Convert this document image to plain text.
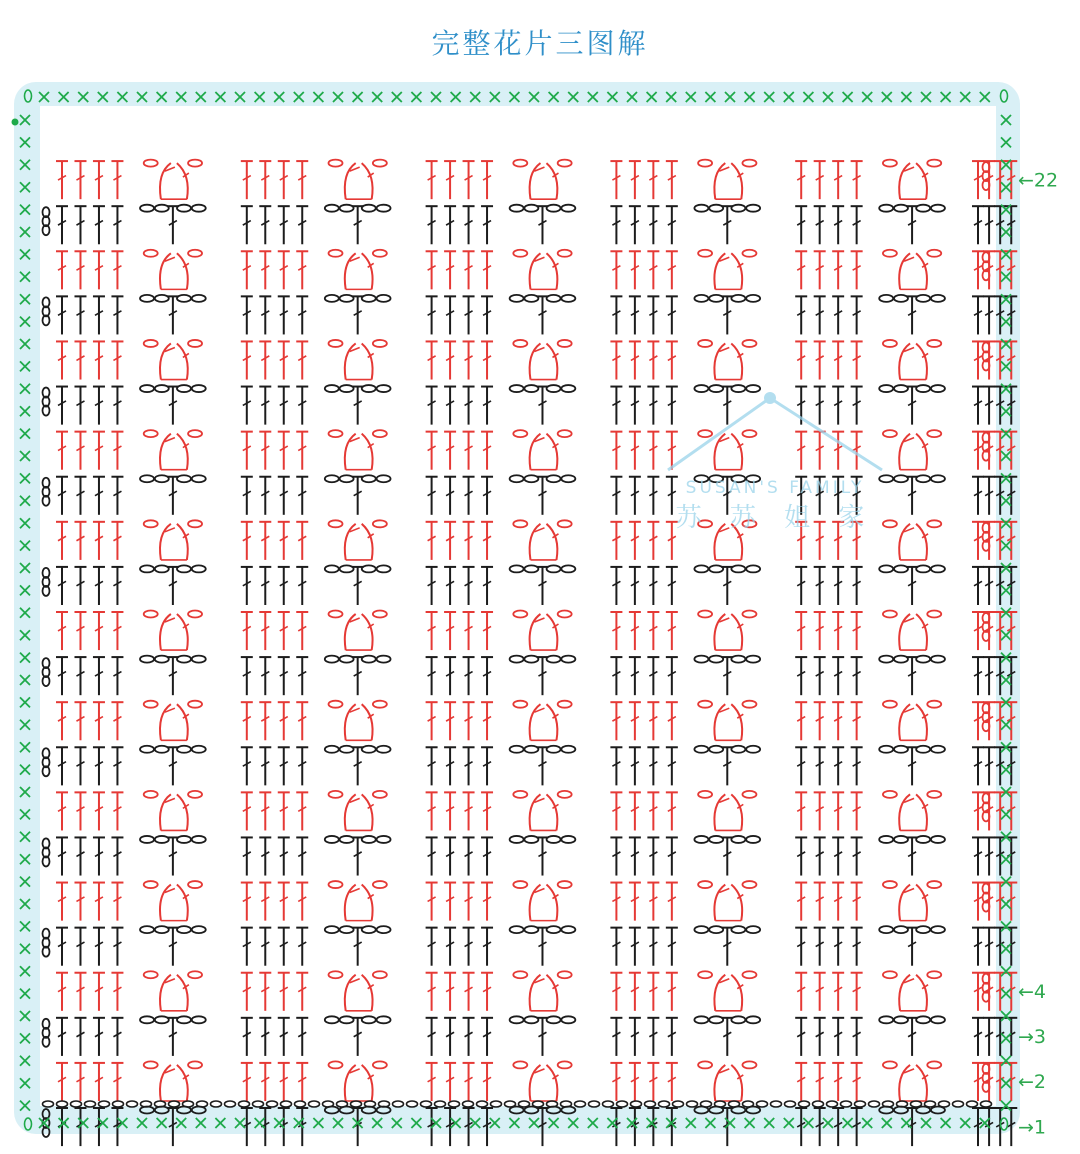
完整花片三图解
←22
←4
→3
←2
→1
SUSAN'S FAMILY
苏 苏 姐 家
